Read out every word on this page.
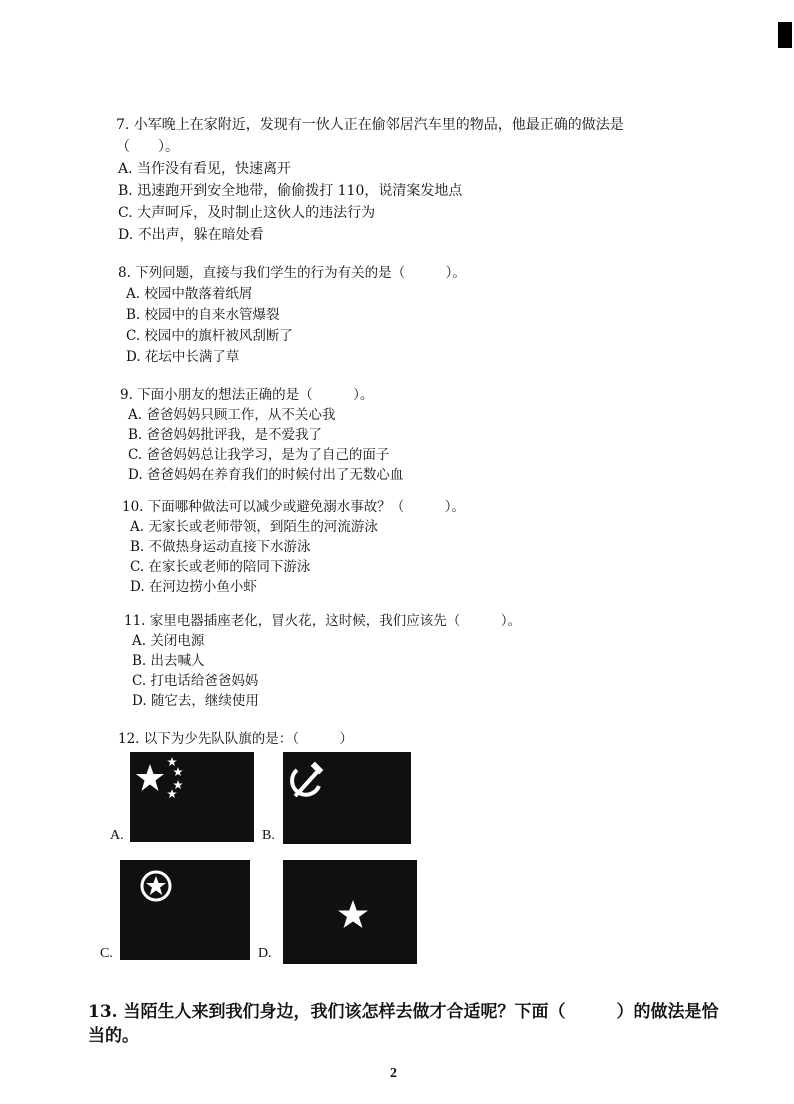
7. 小军晚上在家附近，发现有一伙人正在偷邻居汽车里的物品，他最正确的做法是
（　　）。
A. 当作没有看见，快速离开
B. 迅速跑开到安全地带，偷偷拨打 110，说清案发地点
C. 大声呵斥，及时制止这伙人的违法行为
D. 不出声，躲在暗处看
8. 下列问题，直接与我们学生的行为有关的是（　　　）。
A. 校园中散落着纸屑
B. 校园中的自来水管爆裂
C. 校园中的旗杆被风刮断了
D. 花坛中长满了草
9. 下面小朋友的想法正确的是（　　　）。
A. 爸爸妈妈只顾工作，从不关心我
B. 爸爸妈妈批评我，是不爱我了
C. 爸爸妈妈总让我学习，是为了自己的面子
D. 爸爸妈妈在养育我们的时候付出了无数心血
10. 下面哪种做法可以减少或避免溺水事故？（　　　）。
A. 无家长或老师带领，到陌生的河流游泳
B. 不做热身运动直接下水游泳
C. 在家长或老师的陪同下游泳
D. 在河边捞小鱼小虾
11. 家里电器插座老化，冒火花，这时候，我们应该先（　　　）。
A. 关闭电源
B. 出去喊人
C. 打电话给爸爸妈妈
D. 随它去，继续使用
12. 以下为少先队队旗的是：（　　　）
A.	B.
C.	D.
13. 当陌生人来到我们身边，我们该怎样去做才合适呢？下面（　　　）的做法是恰
当的。
2
